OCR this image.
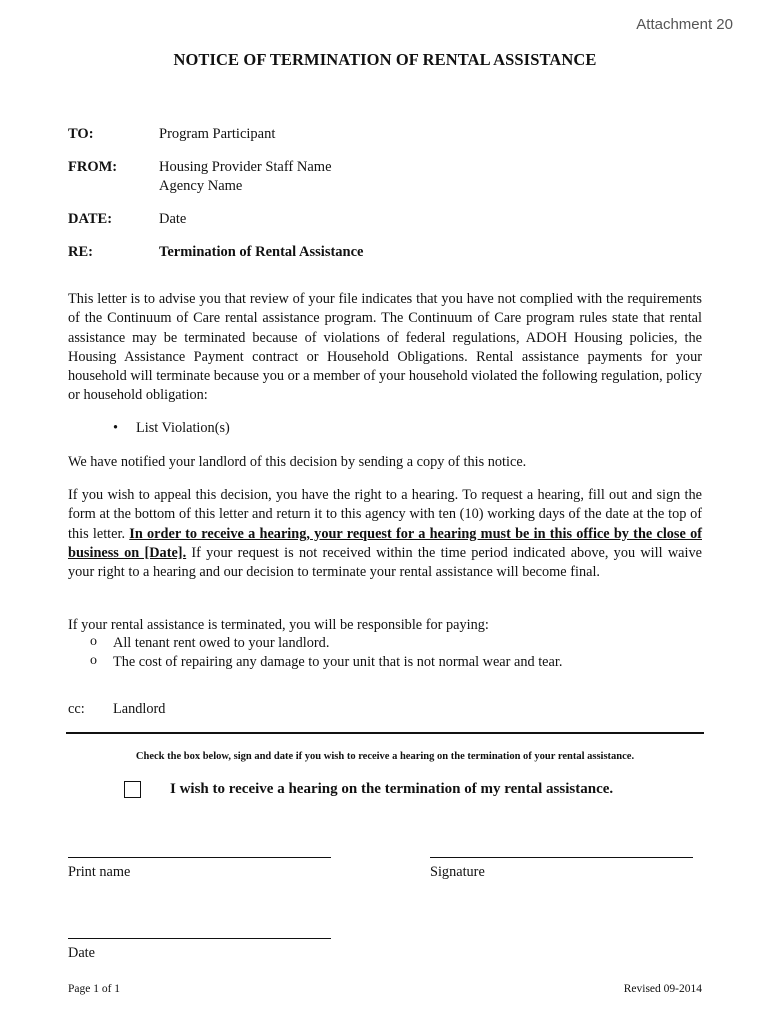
Attachment 20
NOTICE OF TERMINATION OF RENTAL ASSISTANCE
TO:	Program Participant
FROM:	Housing Provider Staff Name
Agency Name
DATE:	Date
RE:	Termination of Rental Assistance
This letter is to advise you that review of your file indicates that you have not complied with the requirements of the Continuum of Care rental assistance program. The Continuum of Care program rules state that rental assistance may be terminated because of violations of federal regulations, ADOH Housing policies, the Housing Assistance Payment contract or Household Obligations. Rental assistance payments for your household will terminate because you or a member of your household violated the following regulation, policy or household obligation:
• List Violation(s)
We have notified your landlord of this decision by sending a copy of this notice.
If you wish to appeal this decision, you have the right to a hearing. To request a hearing, fill out and sign the form at the bottom of this letter and return it to this agency with ten (10) working days of the date at the top of this letter. In order to receive a hearing, your request for a hearing must be in this office by the close of business on [Date]. If your request is not received within the time period indicated above, you will waive your right to a hearing and our decision to terminate your rental assistance will become final.
If your rental assistance is terminated, you will be responsible for paying:
o All tenant rent owed to your landlord.
o The cost of repairing any damage to your unit that is not normal wear and tear.
cc: Landlord
Check the box below, sign and date if you wish to receive a hearing on the termination of your rental assistance.
I wish to receive a hearing on the termination of my rental assistance.
Print name	Signature
Date
Page 1 of 1	Revised 09-2014
